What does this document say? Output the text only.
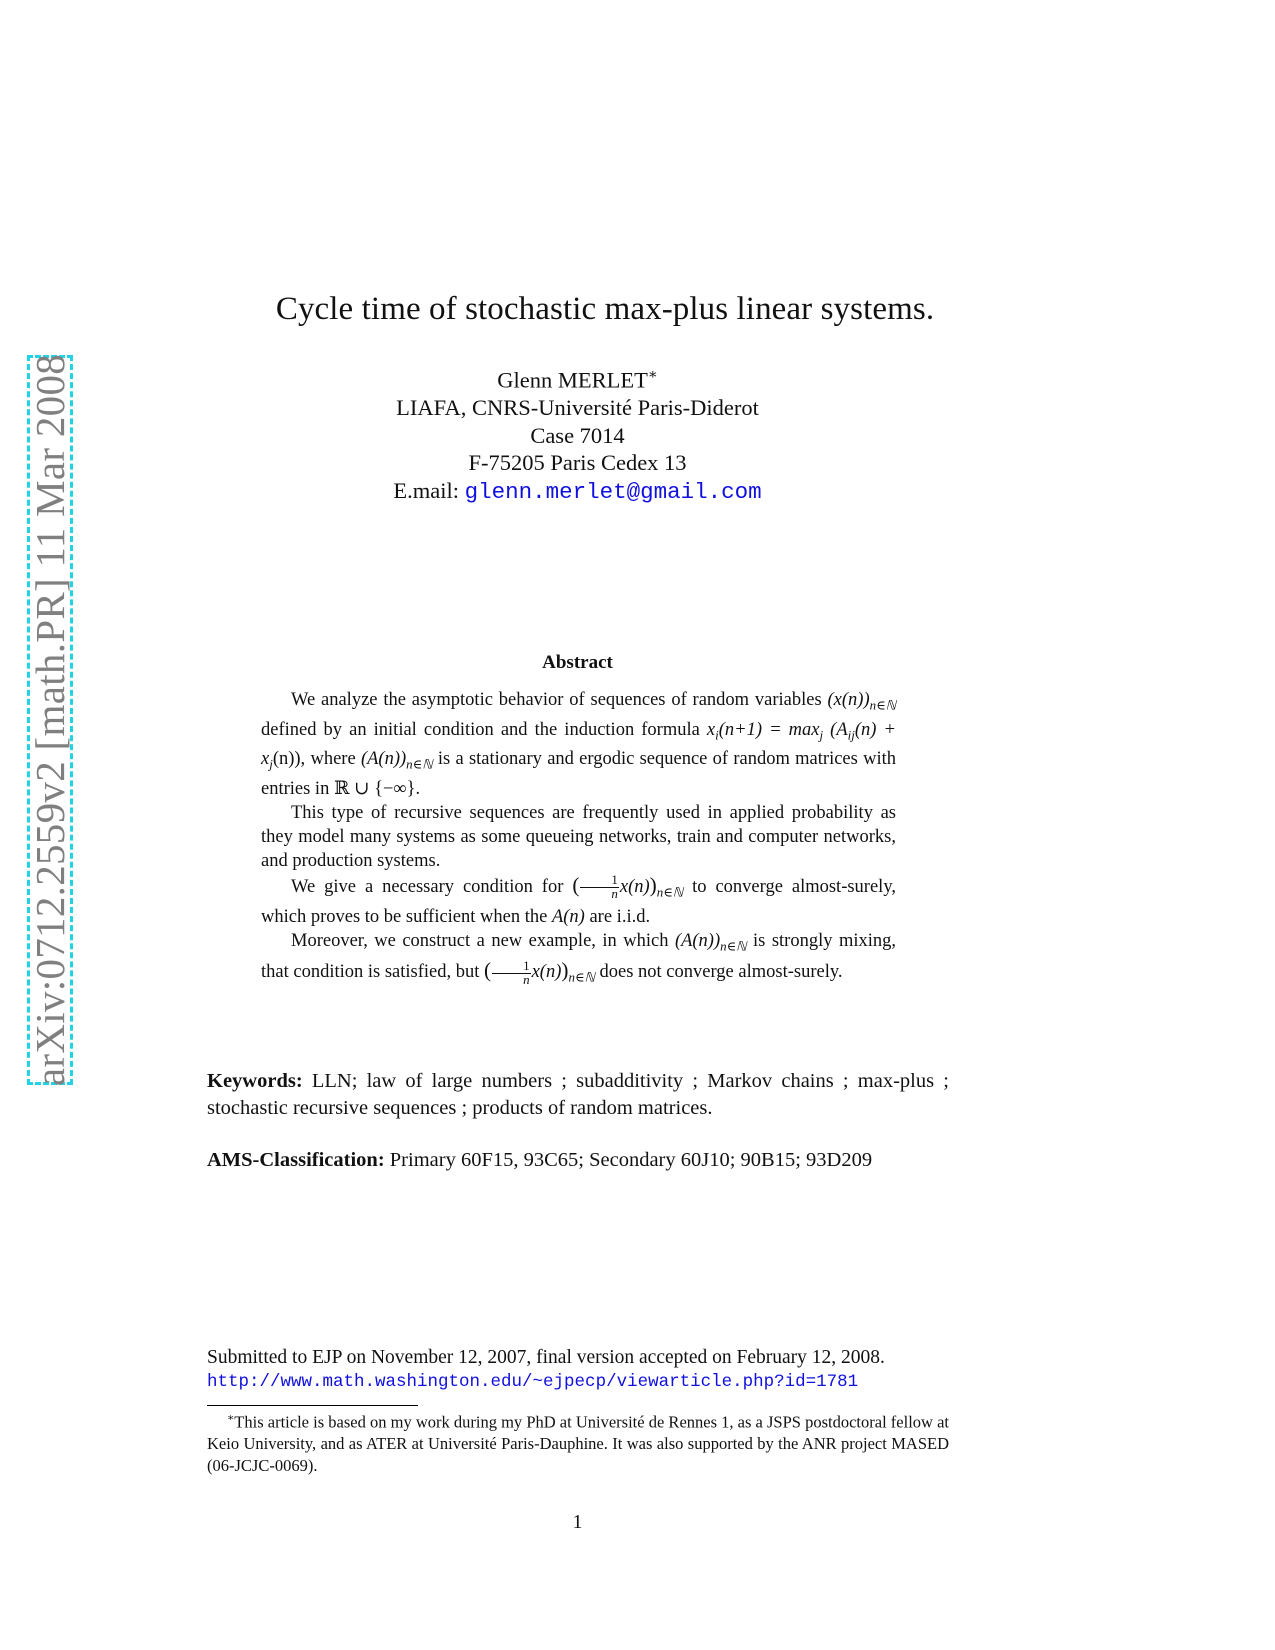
arXiv:0712.2559v2 [math.PR] 11 Mar 2008
Cycle time of stochastic max-plus linear systems.
Glenn MERLET∗
LIAFA, CNRS-Université Paris-Diderot
Case 7014
F-75205 Paris Cedex 13
E.mail: glenn.merlet@gmail.com
Abstract

We analyze the asymptotic behavior of sequences of random variables $(x(n))_{n\in ℕ}$ defined by an initial condition and the induction formula $x_i(n+1) = \max_j (A_{ij}(n) + x_j(n))$, where $(A(n))_{n\in ℕ}$ is a stationary and ergodic sequence of random matrices with entries in ℝ ∪ {−∞}.

This type of recursive sequences are frequently used in applied probability as they model many systems as some queueing networks, train and computer networks, and production systems.

We give a necessary condition for ( $\frac{1}{n} x(n))_{n\in ℕ}$ to converge almost-surely, which proves to be sufficient when the A(n) are i.i.d.

Moreover, we construct a new example, in which $(A(n))_{n\in ℕ}$ is strongly mixing, that condition is satisfied, but ( $\frac{1}{n} x(n))_{n\in ℕ}$ does not converge almost-surely.

Keywords: LLN; law of large numbers ; subadditivity ; Markov chains ; max-plus ; stochastic recursive sequences ; products of random matrices.
AMS-Classification: Primary 60F15, 93C65; Secondary 60J10; 90B15; 93D209
Submitted to EJP on November 12, 2007, final version accepted on February 12, 2008.
http://www.math.washington.edu/~ejpecp/viewarticle.php?id=1781

∗This article is based on my work during my PhD at Université de Rennes 1, as a JSPS postdoctoral fellow at Keio University, and as ATER at Université Paris-Dauphine. It was also supported by the ANR project MASED (06-JCJC-0069).

1
